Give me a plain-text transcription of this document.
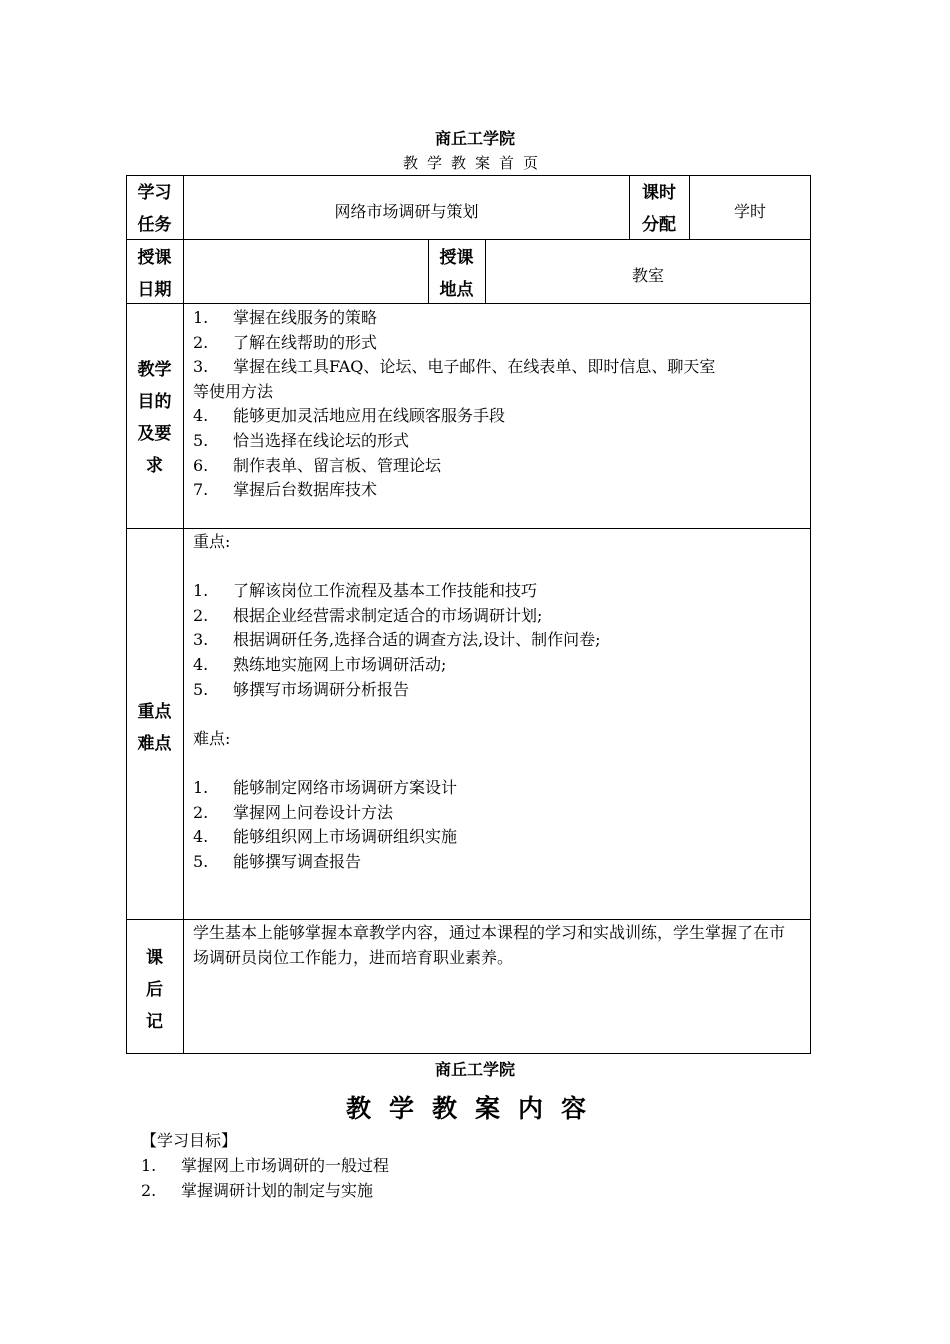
商丘工学院
教学教案首页
学习
任务
网络市场调研与策划
课时
分配
学时
授课
日期
授课
地点
教室
教学
目的
及要
求
1. 掌握在线服务的策略
2. 了解在线帮助的形式
3. 掌握在线工具FAQ、论坛、电子邮件、在线表单、即时信息、聊天室
等使用方法
4. 能够更加灵活地应用在线顾客服务手段
5. 恰当选择在线论坛的形式
6. 制作表单、留言板、管理论坛
7. 掌握后台数据库技术
重点
难点
重点:
1. 了解该岗位工作流程及基本工作技能和技巧
2. 根据企业经营需求制定适合的市场调研计划;
3. 根据调研任务,选择合适的调查方法,设计、制作问卷;
4. 熟练地实施网上市场调研活动;
5. 够撰写市场调研分析报告
难点:
1. 能够制定网络市场调研方案设计
2. 掌握网上问卷设计方法
4. 能够组织网上市场调研组织实施
5. 能够撰写调查报告
课
后
记
学生基本上能够掌握本章教学内容，通过本课程的学习和实战训练，学生掌握了在市场调研员岗位工作能力，进而培育职业素养。
商丘工学院
教学教案内容
【学习目标】
1. 掌握网上市场调研的一般过程
2. 掌握调研计划的制定与实施
